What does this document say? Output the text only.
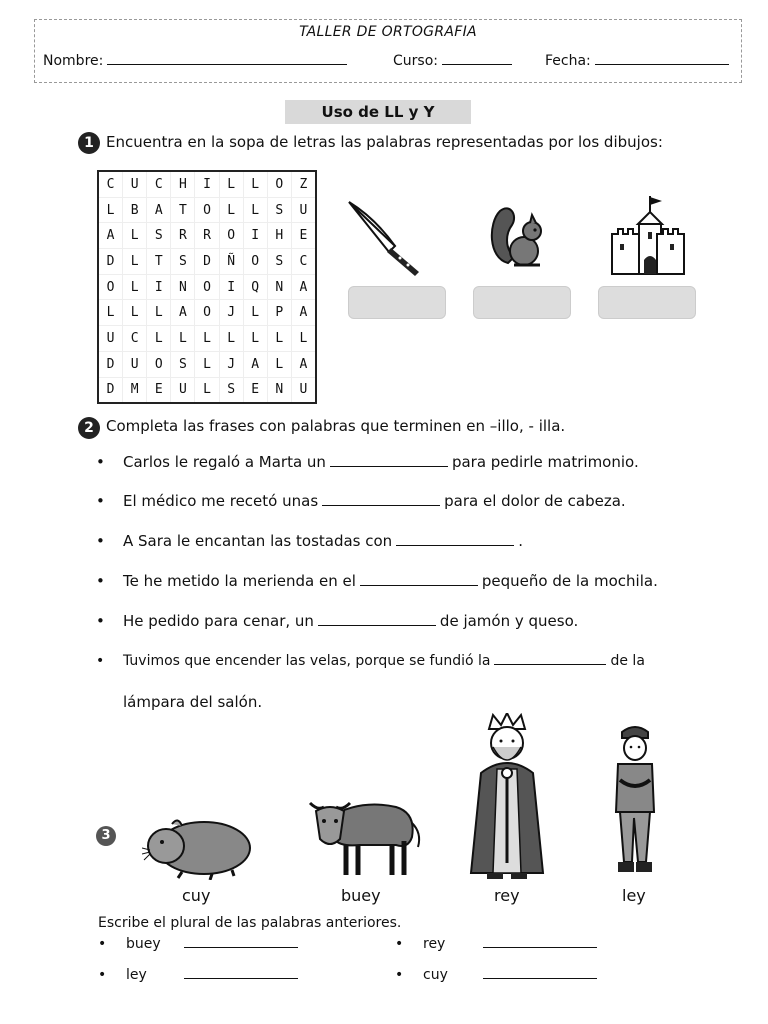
TALLER DE ORTOGRAFIA
Nombre:	Curso:	Fecha:
Uso de LL y Y
1 Encuentra en la sopa de letras las palabras representadas por los dibujos:
C	U	C	H	I	L	L	O	Z
L	B	A	T	O	L	L	S	U
A	L	S	R	R	O	I	H	E
D	L	T	S	D	Ñ	O	S	C
O	L	I	N	O	I	Q	N	A
L	L	L	A	O	J	L	P	A
U	C	L	L	L	L	L	L	L
D	U	O	S	L	J	A	L	A
D	M	E	U	L	S	E	N	U
2 Completa las frases con palabras que terminen en –illo, - illa.
• Carlos le regaló a Marta un	para pedirle matrimonio.
• El médico me recetó unas	para el dolor de cabeza.
• A Sara le encantan las tostadas con	.
• Te he metido la merienda en el	pequeño de la mochila.
• He pedido para cenar, un	de jamón y queso.
• Tuvimos que encender las velas, porque se fundió la	de la
lámpara del salón.
3
cuy	buey	rey	ley
Escribe el plural de las palabras anteriores.
• buey	• rey
• ley	• cuy
